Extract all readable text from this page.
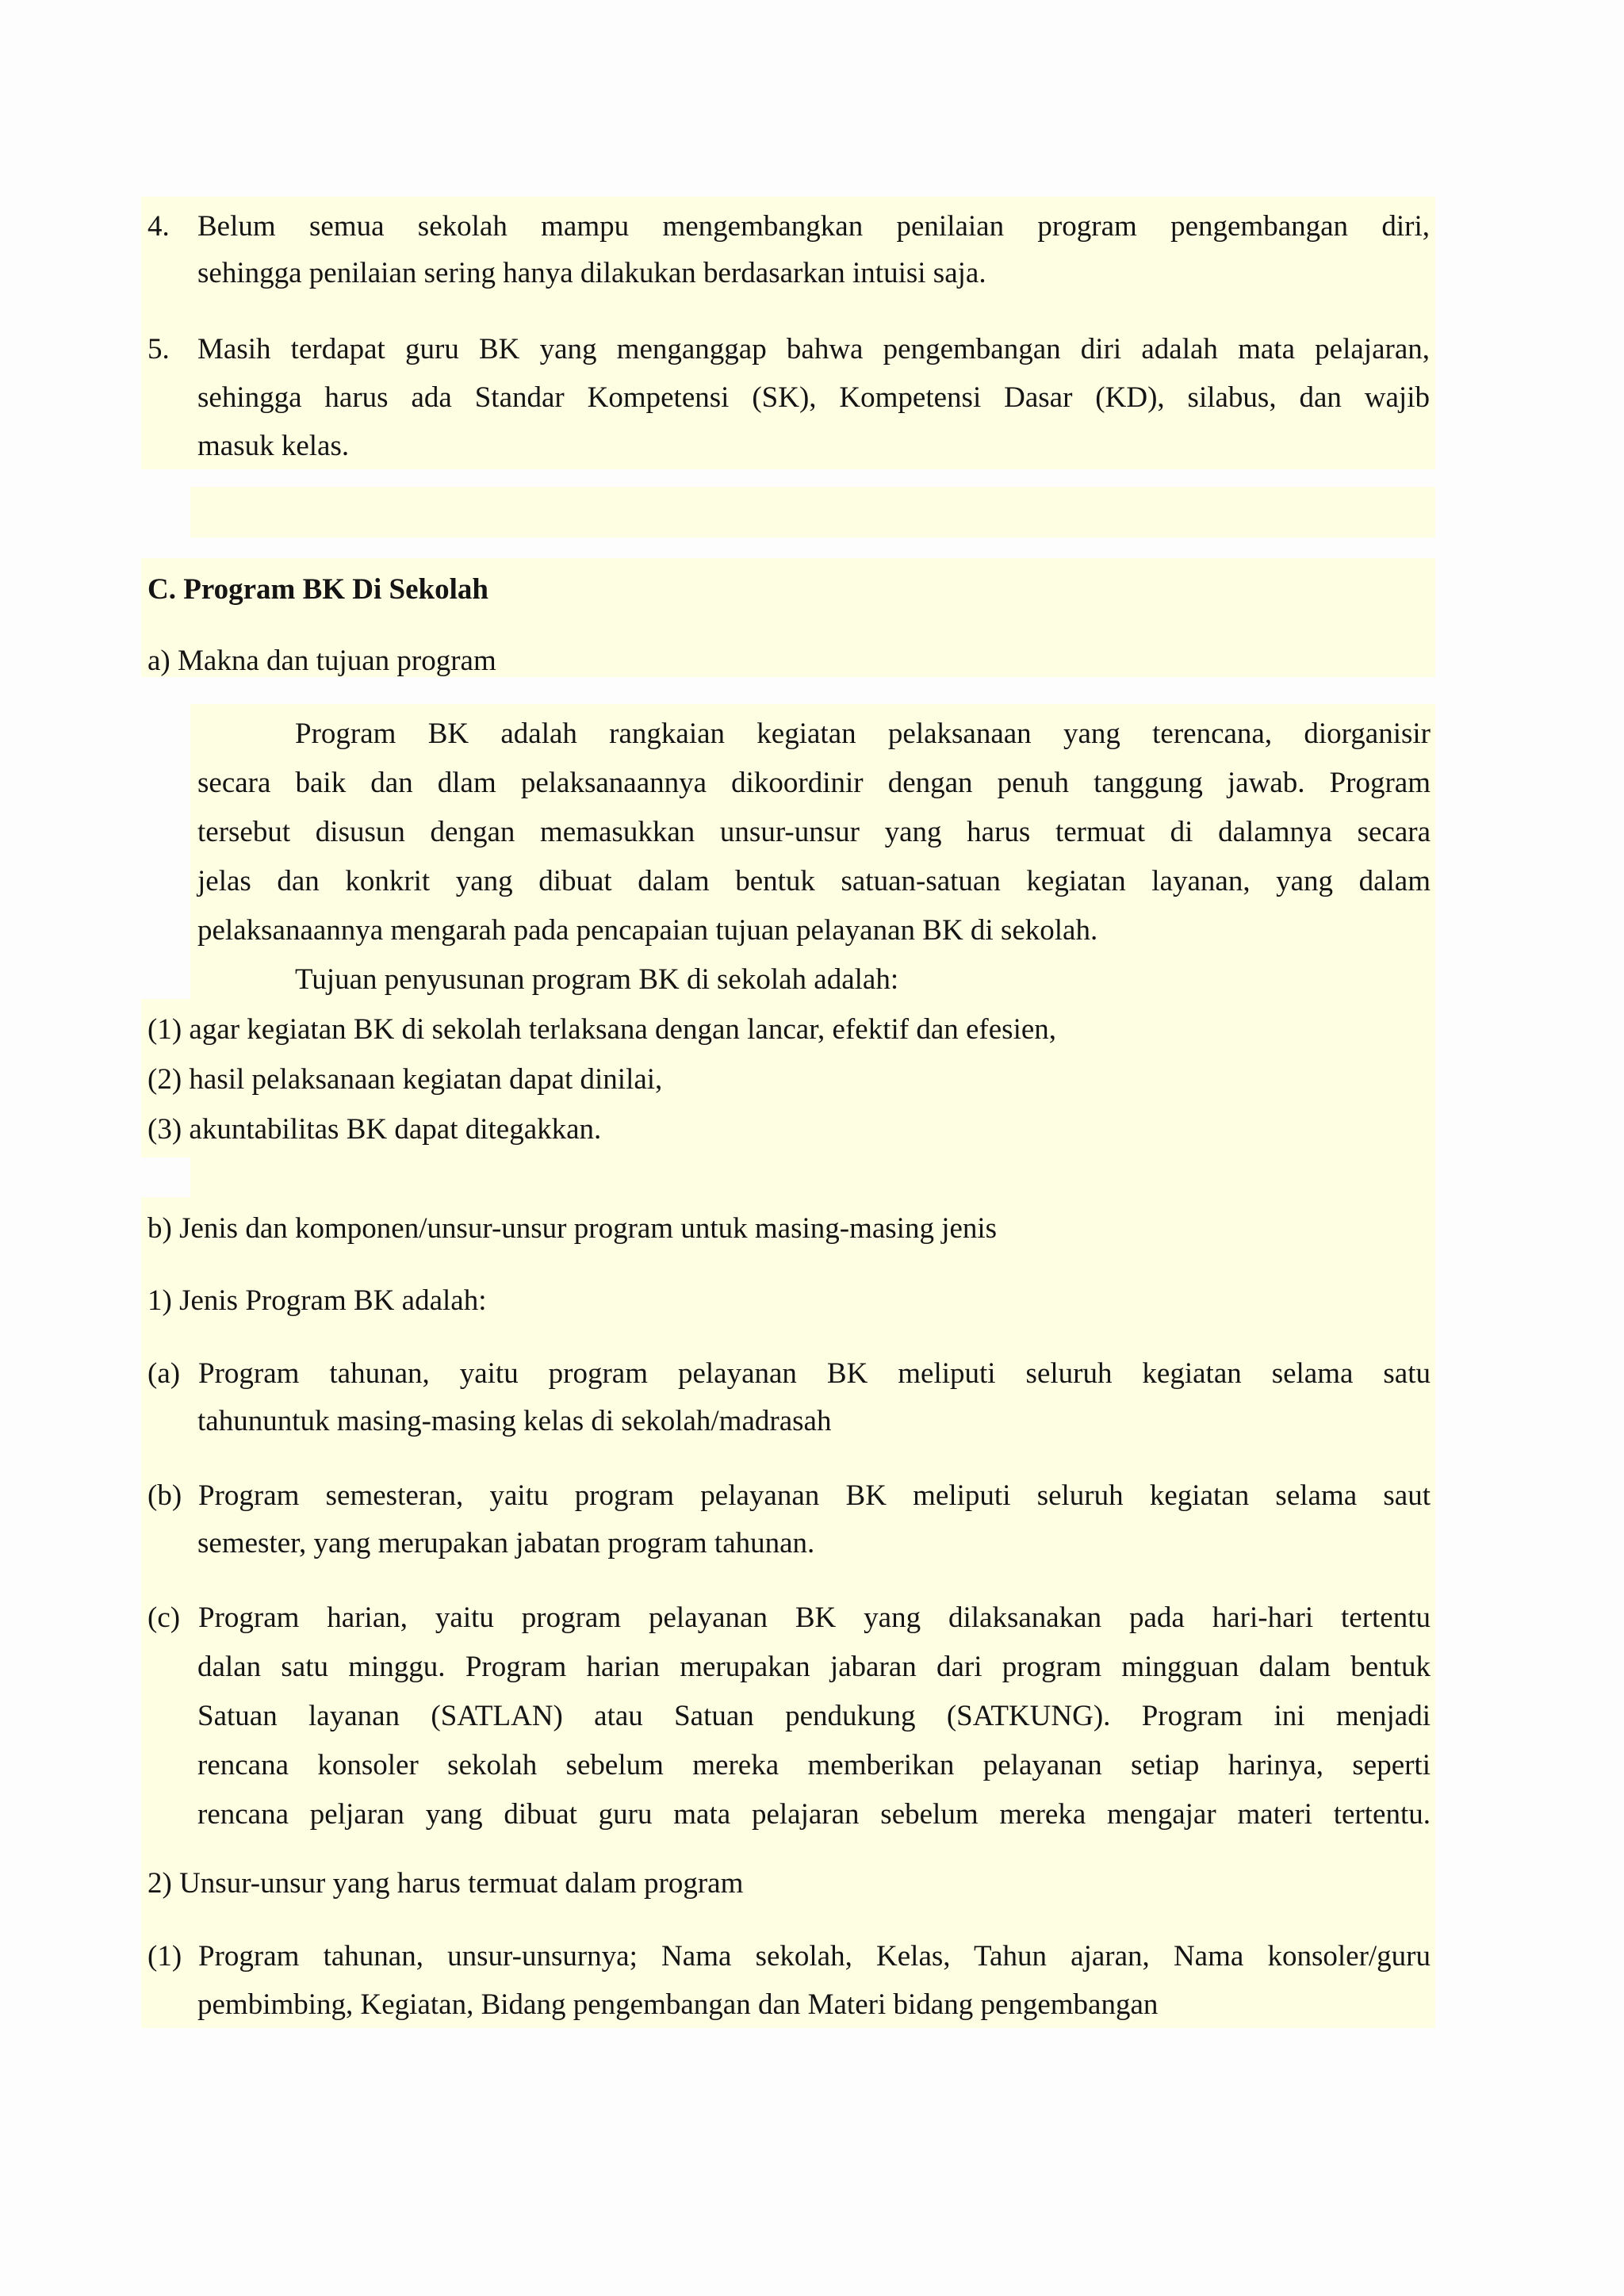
4. Belum semua sekolah mampu mengembangkan penilaian program pengembangan diri,
sehingga penilaian sering hanya dilakukan berdasarkan intuisi saja.
5. Masih terdapat guru BK yang menganggap bahwa pengembangan diri adalah mata pelajaran,
sehingga harus ada Standar Kompetensi (SK), Kompetensi Dasar (KD), silabus, dan wajib
masuk kelas.
C. Program BK Di Sekolah
a) Makna dan tujuan program
Program BK adalah rangkaian kegiatan pelaksanaan yang terencana, diorganisir
secara baik dan dlam pelaksanaannya dikoordinir dengan penuh tanggung jawab. Program
tersebut disusun dengan memasukkan unsur-unsur yang harus termuat di dalamnya secara
jelas dan konkrit yang dibuat dalam bentuk satuan-satuan kegiatan layanan, yang dalam
pelaksanaannya mengarah pada pencapaian tujuan pelayanan BK di sekolah.
Tujuan penyusunan program BK di sekolah adalah:
(1) agar kegiatan BK di sekolah terlaksana dengan lancar, efektif dan efesien,
(2) hasil pelaksanaan kegiatan dapat dinilai,
(3) akuntabilitas BK dapat ditegakkan.
b) Jenis dan komponen/unsur-unsur program untuk masing-masing jenis
1) Jenis Program BK adalah:
(a) Program tahunan, yaitu program pelayanan BK meliputi seluruh kegiatan selama satu
tahununtuk masing-masing kelas di sekolah/madrasah
(b) Program semesteran, yaitu program pelayanan BK meliputi seluruh kegiatan selama saut
semester, yang merupakan jabatan program tahunan.
(c) Program harian, yaitu program pelayanan BK yang dilaksanakan pada hari-hari tertentu
dalan satu minggu. Program harian merupakan jabaran dari program mingguan dalam bentuk
Satuan layanan (SATLAN) atau Satuan pendukung (SATKUNG). Program ini menjadi
rencana konsoler sekolah sebelum mereka memberikan pelayanan setiap harinya, seperti
rencana peljaran yang dibuat guru mata pelajaran sebelum mereka mengajar materi tertentu.
2) Unsur-unsur yang harus termuat dalam program
(1) Program tahunan, unsur-unsurnya; Nama sekolah, Kelas, Tahun ajaran, Nama konsoler/guru
pembimbing, Kegiatan, Bidang pengembangan dan Materi bidang pengembangan
